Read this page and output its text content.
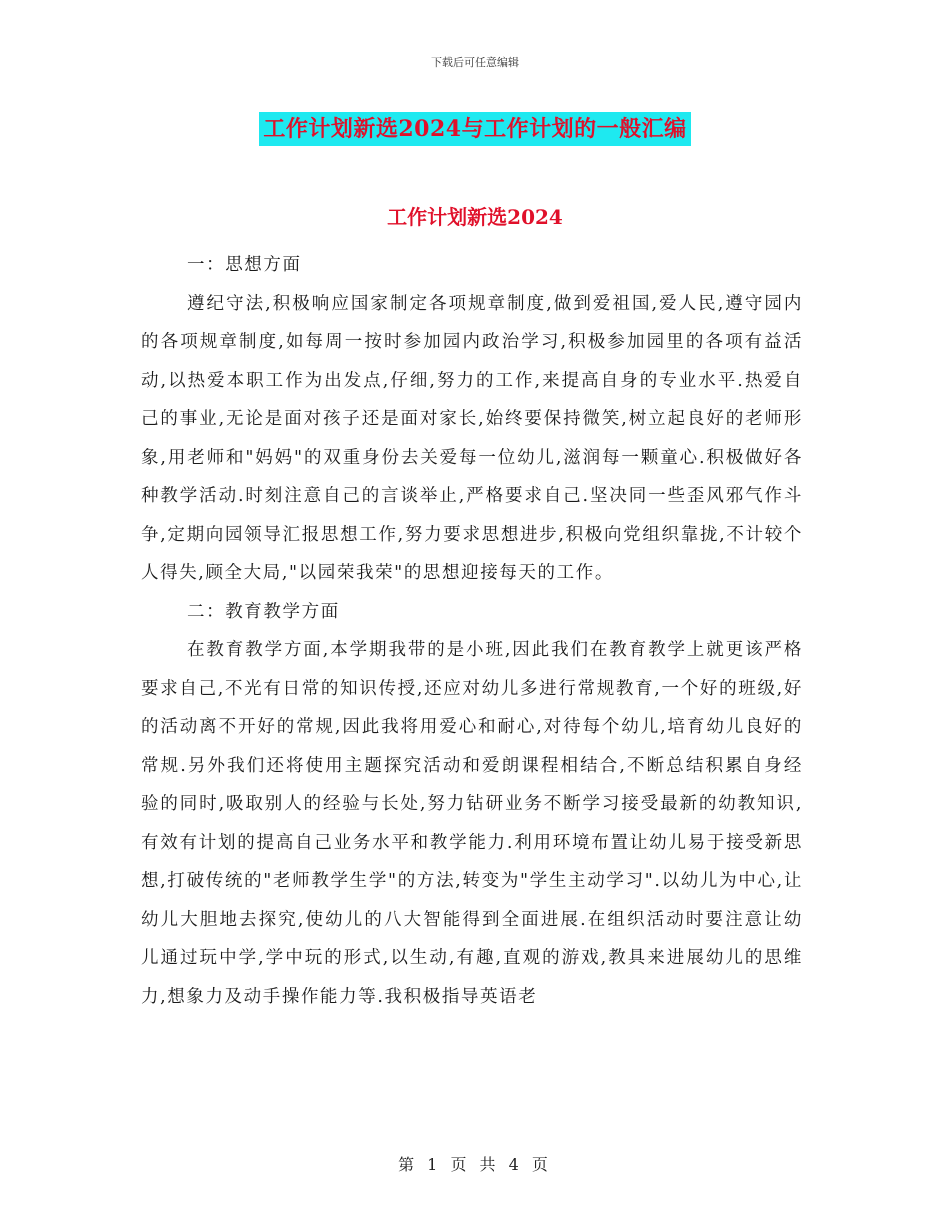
下载后可任意编辑
工作计划新选2024与工作计划的一般汇编
工作计划新选2024

一：思想方面

遵纪守法,积极响应国家制定各项规章制度,做到爱祖国,爱人民,遵守园内的各项规章制度,如每周一按时参加园内政治学习,积极参加园里的各项有益活动,以热爱本职工作为出发点,仔细,努力的工作,来提高自身的专业水平.热爱自己的事业,无论是面对孩子还是面对家长,始终要保持微笑,树立起良好的老师形象,用老师和"妈妈"的双重身份去关爱每一位幼儿,滋润每一颗童心.积极做好各种教学活动.时刻注意自己的言谈举止,严格要求自己.坚决同一些歪风邪气作斗争,定期向园领导汇报思想工作,努力要求思想进步,积极向党组织靠拢,不计较个人得失,顾全大局,"以园荣我荣"的思想迎接每天的工作。

二：教育教学方面

在教育教学方面,本学期我带的是小班,因此我们在教育教学上就更该严格要求自己,不光有日常的知识传授,还应对幼儿多进行常规教育,一个好的班级,好的活动离不开好的常规,因此我将用爱心和耐心,对待每个幼儿,培育幼儿良好的常规.另外我们还将使用主题探究活动和爱朗课程相结合,不断总结积累自身经验的同时,吸取别人的经验与长处,努力钻研业务不断学习接受最新的幼教知识,有效有计划的提高自己业务水平和教学能力.利用环境布置让幼儿易于接受新思想,打破传统的"老师教学生学"的方法,转变为"学生主动学习".以幼儿为中心,让幼儿大胆地去探究,使幼儿的八大智能得到全面进展.在组织活动时要注意让幼儿通过玩中学,学中玩的形式,以生动,有趣,直观的游戏,教具来进展幼儿的思维力,想象力及动手操作能力等.我积极指导英语老

第 1 页 共 4 页
